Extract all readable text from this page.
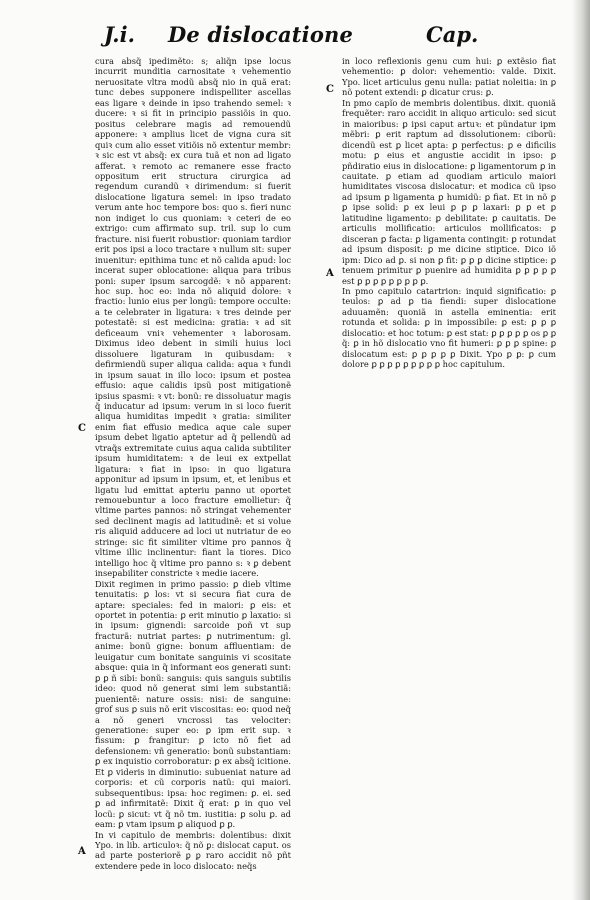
J.i. De dislocatione	Cap.
C
A
C
A

cura absq̃ ipedimẽto: s; aliq̃n ipse locus incurrit munditia carnositate ꝛ vehementio neruositate vltra modũ absq̃ nio in quã erat: tunc debes supponere indispelliter ascellas eas ligare ꝛ deinde in ipso trahendo semel: ꝛ ducere: ꝛ si fit in principio passiõis in quo. positus celebrare magis ad remouendũ apponere: ꝛ amplius licet de vigna cura sit quiꝛ cum alio esset vitiõis nõ extentur membr: ꝛ sic est vt absq̃: ex cura tuã et non ad ligato afferat. ꝛ remoto ac remanere esse fracto oppositum erit structura cirurgica ad regendum curandũ ꝛ dirimendum: si fuerit dislocatione ligatura semel: in ipso tradato verum ante hoc tempore bos: quo s. fieri nunc non indiget lo cus quoniam: ꝛ ceteri de eo extrigo: cum affirmato sup. tril. sup lo cum fracture. nisi fuerit robustior: quoniam tardior erit pos ipsi a loco tractare ꝛ nullum sit: super inuenitur: epithima tunc et nõ calida apud: loc incerat super oblocatione: aliqua para tribus poni: super ipsum sarcogdẽ: ꝛ nõ apparent: hoc sup. hoc eo: inda nõ aliquid dolore: ꝛ fractio: lunio eius per longũ: tempore occulte: a te celebrater in ligatura: ꝛ tres deinde per potestatẽ: si est medicina: gratia: ꝛ ad sit deficeaum vniꝛ vehementer ꝛ laborosam. Diximus ideo debent in simili huius loci dissoluere ligaturam in quibusdam: ꝛ defirmiendũ super aliqua calida: aqua ꝛ fundi in ipsum sauat in illo loco: ipsum et postea effusio: aque calidis ipsũ post mitigationẽ ipsius spasmi: ꝛ vt: bonũ: re dissoluatur magis q̃ inducatur ad ipsum: verum in si loco fuerit aliqua humiditas impedit ꝛ gratia: similiter enim fiat effusio medica aque cale super ipsum debet ligatio aptetur ad q̃ pellendũ ad vtraq̃s extremitate cuius aqua calida subtiliter ipsum humiditatem: ꝛ de leui ex extpellat ligatura: ꝛ fiat in ipso: in quo ligatura apponitur ad ipsum in ipsum, et, et lenibus et ligatu lud emittat apteriu panno ut oportet remouebuntur a loco fracture emollietur: q̃ vltime partes pannos: nõ stringat vehementer sed declinent magis ad latitudinẽ: et si volue ris aliquid adducere ad loci ut nutriatur de eo stringe: sic fit similiter vltime pro pannos q̃ vltime illic inclinentur: fiant la tiores. Dico intelligo hoc q̃ vltime pro panno s: ꝛ ꝑ debent insepabiliter constricte ꝛ medie iacere.

Dixit regimen in primo passio: ꝑ dieb vltime tenuitatis: ꝑ los: vt si secura fiat cura de aptare: speciales: fed in maiori: ꝑ eis: et oportet in potentia: ꝑ erit minutio ꝑ laxatio: si in ipsum: gignendi: sarcoide poñ vt sup fracturã: nutriat partes: ꝑ nutrimentum: gl. anime: bonũ gigne: bonum affluentiam: de leuigatur cum bonitate sanguinis vi scositate absque: quia in q̃ informant eos generati sunt: ꝑ ꝑ ñ sibi: bonũ: sanguis: quis sanguis subtilis ideo: quod nõ generat simi lem substantiã: puenientẽ: nature ossis: nisi: de sanguine: grof sus ꝑ suis nõ erit viscositas: eo: quod neq̃ a nõ generi vncrossi tas velociter: generatione: super eo: ꝑ ipm erit sup. ꝛ fissum: ꝑ frangitur: ꝑ icto nõ fiet ad defensionem: vñ generatio: bonũ substantiam: ꝑ ex inquistio corroboratur: ꝑ ex absq̃ icitione. Et ꝑ videris in diminutio: subueniat nature ad corporis: et cũ corporis natũ: qui maiori. subsequentibus: ipsa: hoc regimen: ꝑ. ei. sed ꝑ ad infirmitatẽ: Dixit q̃ erat: ꝑ in quo vel locũ: ꝑ sicut: vt q̃ nõ tm. iustitia: ꝑ solu ꝑ. ad eam: ꝑ vtam ipsum ꝑ aliquod ꝑ ꝑ.

In vi capitulo de membris: dolentibus: dixit Ypo. in lib. articuloꝛ: q̃ nõ ꝑ: dislocat caput. os ad parte posteriorẽ ꝑ ꝑ raro accidit nõ pñt extendere pede in loco dislocato: neq̃s

in loco reflexionis genu cum hui: ꝑ extẽsio fiat vehementio: ꝑ dolor: vehementio: valde. Dixit. Ypo. licet articulus genu nulla: patiat noleitia: in ꝑ nõ potent extendi: ꝑ dicatur crus: ꝑ.

In pmo capĩo de membris dolentibus. dixit. quoniã frequẽter: raro accidit in aliquo articulo: sed sicut in maioribus: ꝑ ipsi caput artuꝛ: et pũndatur ipm mẽbri: ꝑ erit raptum ad dissolutionem: ciborũ: dicendũ est ꝑ licet apta: ꝑ perfectus: ꝑ e dificilis motu: ꝑ eius et angustie accidit in ipso: ꝑ pñdiratio eius in dislocatione: ꝑ ligamentorum ꝑ in cauitate. ꝑ etiam ad quodiam articulo maiori humiditates viscosa dislocatur: et modica cũ ipso ad ipsum ꝑ ligamenta ꝑ humidũ: ꝑ fiat. Et in nõ ꝑ ꝑ ipse solid: ꝑ ex leui ꝑ ꝑ ꝑ laxari: ꝑ ꝑ et ꝑ latitudine ligamento: ꝑ debilitate: ꝑ cauitatis. De articulis mollificatio: articulos mollificatos: ꝑ disceran ꝑ facta: ꝑ ligamenta contingit: ꝑ rotundat ad ipsum disposit: ꝑ me dicine stiptice. Dico iõ ipm: Dico ad ꝑ. si non ꝑ fit: ꝑ ꝑ ꝑ dicine stiptice: ꝑ tenuem primitur ꝑ puenire ad humidita ꝑ ꝑ ꝑ ꝑ ꝑ est ꝑ ꝑ ꝑ ꝑ ꝑ ꝑ ꝑ ꝑ ꝑ.

In pmo capitulo catartrion: inquid significatio: ꝑ teulos: ꝑ ad ꝑ tia fiendi: super dislocatione aduuamẽn: quoniã in astella eminentia: erit rotunda et solida: ꝑ in impossibile: ꝑ est: ꝑ ꝑ ꝑ dislocatio: et hoc totum: ꝑ est stat: ꝑ ꝑ ꝑ ꝑ ꝑ os ꝑ ꝑ q̃: ꝑ in hõ dislocatio vno fit humeri: ꝑ ꝑ ꝑ spine: ꝑ dislocatum est: ꝑ ꝑ ꝑ ꝑ ꝑ Dixit. Ypo ꝑ ꝑ: ꝑ cum dolore ꝑ ꝑ ꝑ ꝑ ꝑ ꝑ ꝑ ꝑ ꝑ hoc capitulum.
